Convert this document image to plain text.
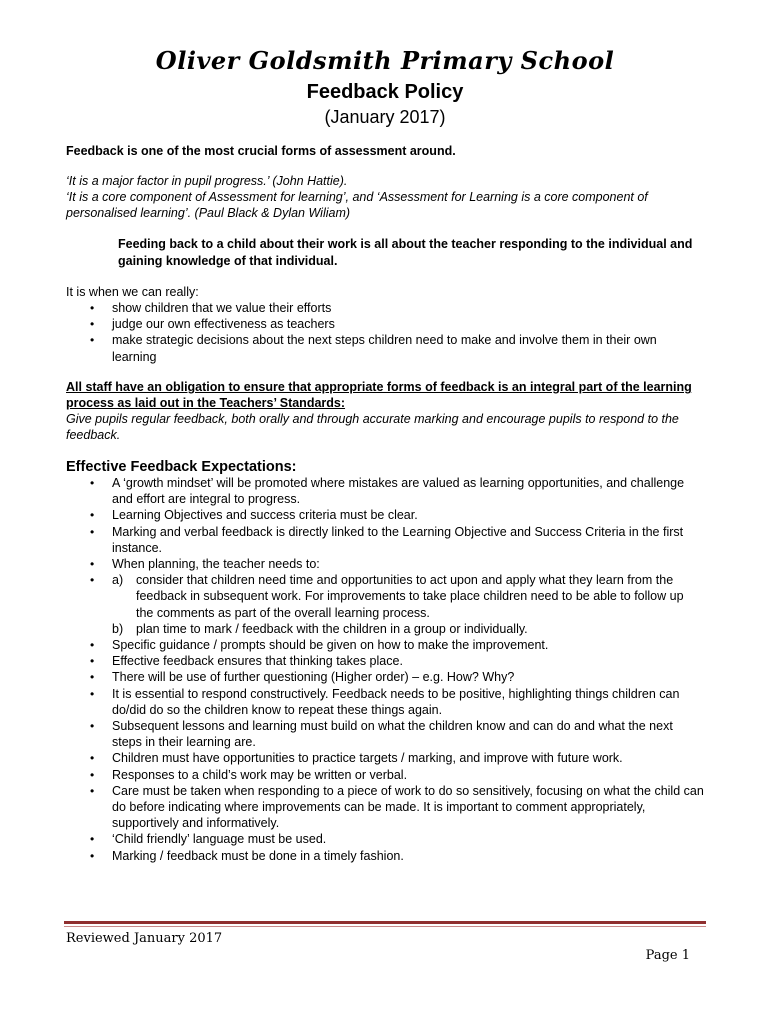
Oliver Goldsmith Primary School
Feedback Policy
(January 2017)
Feedback is one of the most crucial forms of assessment around.
‘It is a major factor in pupil progress.’ (John Hattie).
‘It is a core component of Assessment for learning’, and ‘Assessment for Learning is a core component of personalised learning’. (Paul Black & Dylan Wiliam)
Feeding back to a child about their work is all about the teacher responding to the individual and gaining knowledge of that individual.
It is when we can really:
• show children that we value their efforts
• judge our own effectiveness as teachers
• make strategic decisions about the next steps children need to make and involve them in their own learning
All staff have an obligation to ensure that appropriate forms of feedback is an integral part of the learning process as laid out in the Teachers’ Standards:
Give pupils regular feedback, both orally and through accurate marking and encourage pupils to respond to the feedback.
Effective Feedback Expectations:
• A ‘growth mindset’ will be promoted where mistakes are valued as learning opportunities, and challenge and effort are integral to progress.
• Learning Objectives and success criteria must be clear.
• Marking and verbal feedback is directly linked to the Learning Objective and Success Criteria in the first instance.
• When planning, the teacher needs to:
• a) consider that children need time and opportunities to act upon and apply what they learn from the feedback in subsequent work. For improvements to take place children need to be able to follow up the comments as part of the overall learning process.
b) plan time to mark / feedback with the children in a group or individually.
• Specific guidance / prompts should be given on how to make the improvement.
• Effective feedback ensures that thinking takes place.
• There will be use of further questioning (Higher order) – e.g. How? Why?
• It is essential to respond constructively. Feedback needs to be positive, highlighting things children can do/did do so the children know to repeat these things again.
• Subsequent lessons and learning must build on what the children know and can do and what the next steps in their learning are.
• Children must have opportunities to practice targets / marking, and improve with future work.
• Responses to a child’s work may be written or verbal.
• Care must be taken when responding to a piece of work to do so sensitively, focusing on what the child can do before indicating where improvements can be made. It is important to comment appropriately, supportively and informatively.
• ‘Child friendly’ language must be used.
• Marking / feedback must be done in a timely fashion.
Reviewed January 2017
Page 1
